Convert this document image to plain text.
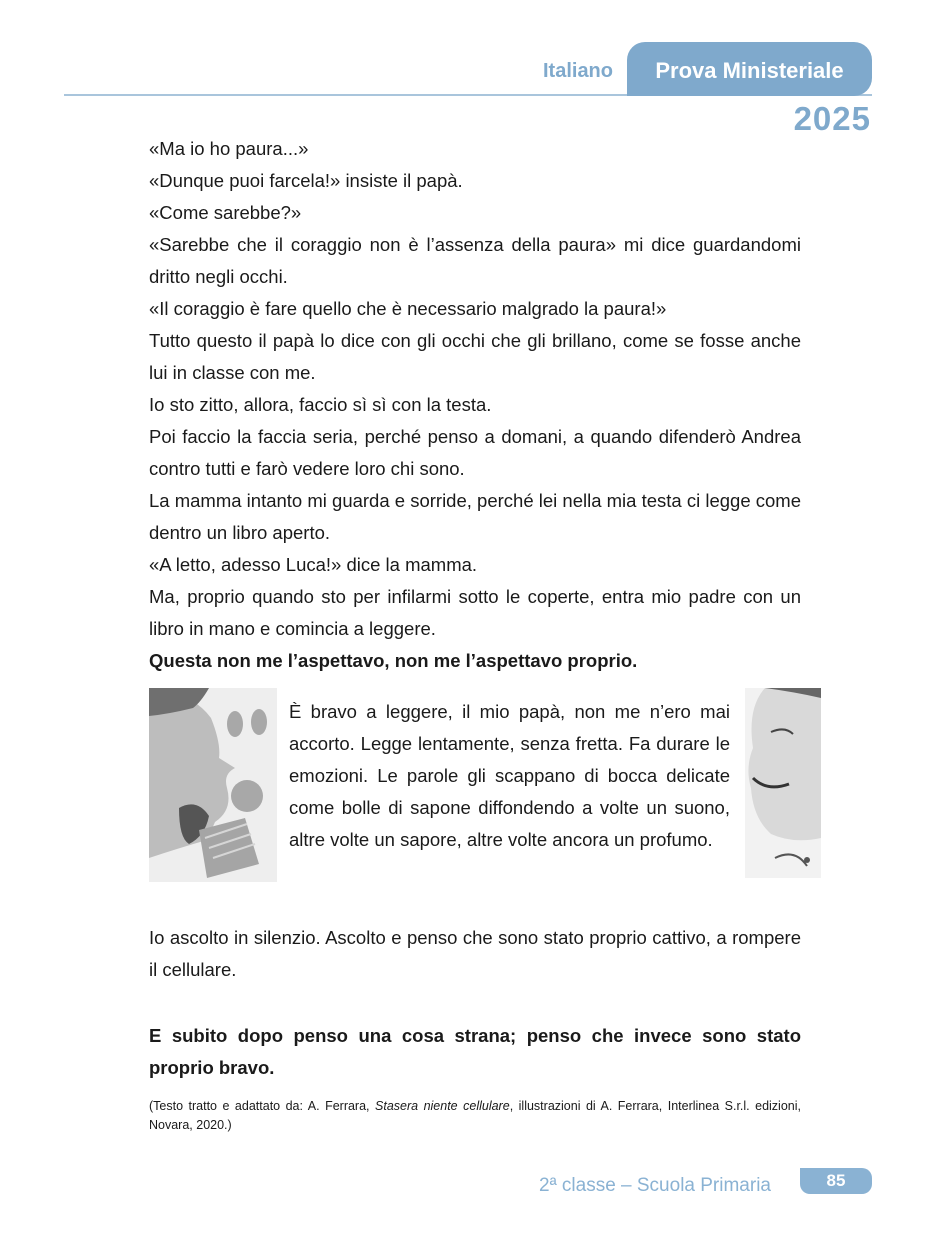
Italiano	Prova Ministeriale
2025

«Ma io ho paura...»

«Dunque puoi farcela!» insiste il papà.

«Come sarebbe?»

«Sarebbe che il coraggio non è l’assenza della paura» mi dice guardandomi dritto negli occhi.

«Il coraggio è fare quello che è necessario malgrado la paura!»

Tutto questo il papà lo dice con gli occhi che gli brillano, come se fosse anche lui in classe con me.

Io sto zitto, allora, faccio sì sì con la testa.

Poi faccio la faccia seria, perché penso a domani, a quando difenderò Andrea contro tutti e farò vedere loro chi sono.

La mamma intanto mi guarda e sorride, perché lei nella mia testa ci legge come dentro un libro aperto.

«A letto, adesso Luca!» dice la mamma.

Ma, proprio quando sto per infilarmi sotto le coperte, entra mio padre con un libro in mano e comincia a leggere.

Questa non me l’aspettavo, non me l’aspettavo proprio.

È bravo a leggere, il mio papà, non me n’ero mai accorto. Legge lentamente, senza fretta. Fa durare le emozioni. Le parole gli scappano di bocca delicate come bolle di sapone diffondendo a volte un suono, altre volte un sapore, altre volte ancora un profumo.

Io ascolto in silenzio. Ascolto e penso che sono stato proprio cattivo, a rompere il cellulare.

E subito dopo penso una cosa strana; penso che invece sono stato proprio bravo.

(Testo tratto e adattato da: A. Ferrara, Stasera niente cellulare, illustrazioni di A. Ferrara, Interlinea S.r.l. edizioni, Novara, 2020.)
2ª classe – Scuola Primaria	85
